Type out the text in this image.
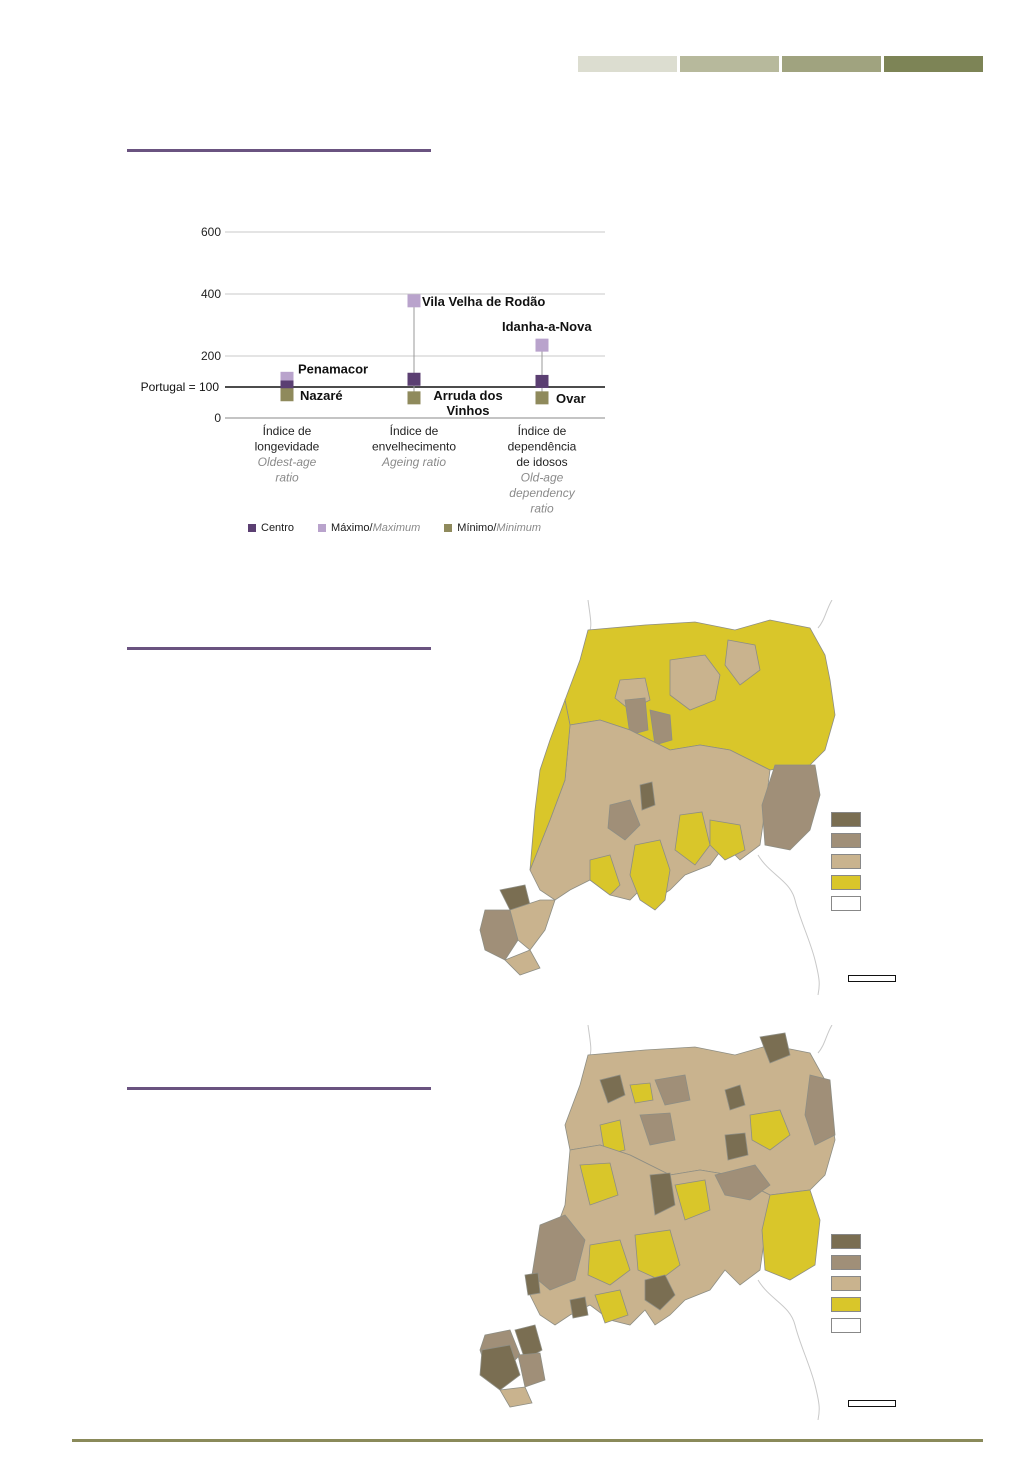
0
200
400
600
Portugal = 100
Índice de
longevidade
Oldest-age
ratio
Índice de
envelhecimento
Ageing ratio
Índice de
dependência
de idosos
Old-age
dependency
ratio
Penamacor
Vila Velha de Rodão
Idanha-a-Nova
Nazaré	Arruda dos
Vinhos
Ovar
Centro	Máximo/Maximum	Mínimo/Minimum
